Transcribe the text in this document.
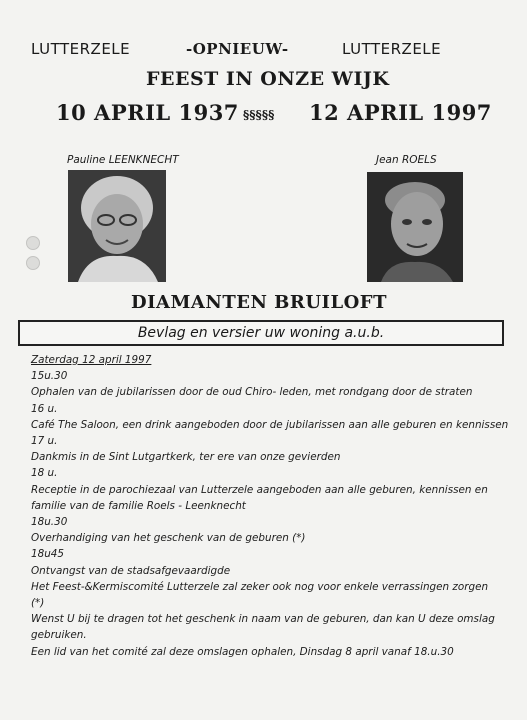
LUTTERZELE	-OPNIEUW-	LUTTERZELE
FEEST IN ONZE WIJK
10 APRIL 1937 §§§§§ 12 APRIL 1997
Pauline LEENKNECHT	Jean ROELS
DIAMANTEN BRUILOFT
Bevlag en versier uw woning a.u.b.
Zaterdag 12 april 1997
15u.30
Ophalen van de jubilarissen door de oud Chiro- leden, met rondgang door de straten
16 u.
Café The Saloon, een drink aangeboden door de jubilarissen aan alle geburen en kennissen
17 u.
Dankmis in de Sint Lutgartkerk, ter ere van onze gevierden
18 u.
Receptie in de parochiezaal van Lutterzele aangeboden aan alle geburen, kennissen en
familie van de familie Roels - Leenknecht
18u.30
Overhandiging van het geschenk van de geburen (*)
18u45
Ontvangst van de stadsafgevaardigde
Het Feest-&Kermiscomité Lutterzele zal zeker ook nog voor enkele verrassingen zorgen
(*)
Wenst U bij te dragen tot het geschenk in naam van de geburen, dan kan U deze omslag
gebruiken.
Een lid van het comité zal deze omslagen ophalen, Dinsdag 8 april vanaf 18.u.30
